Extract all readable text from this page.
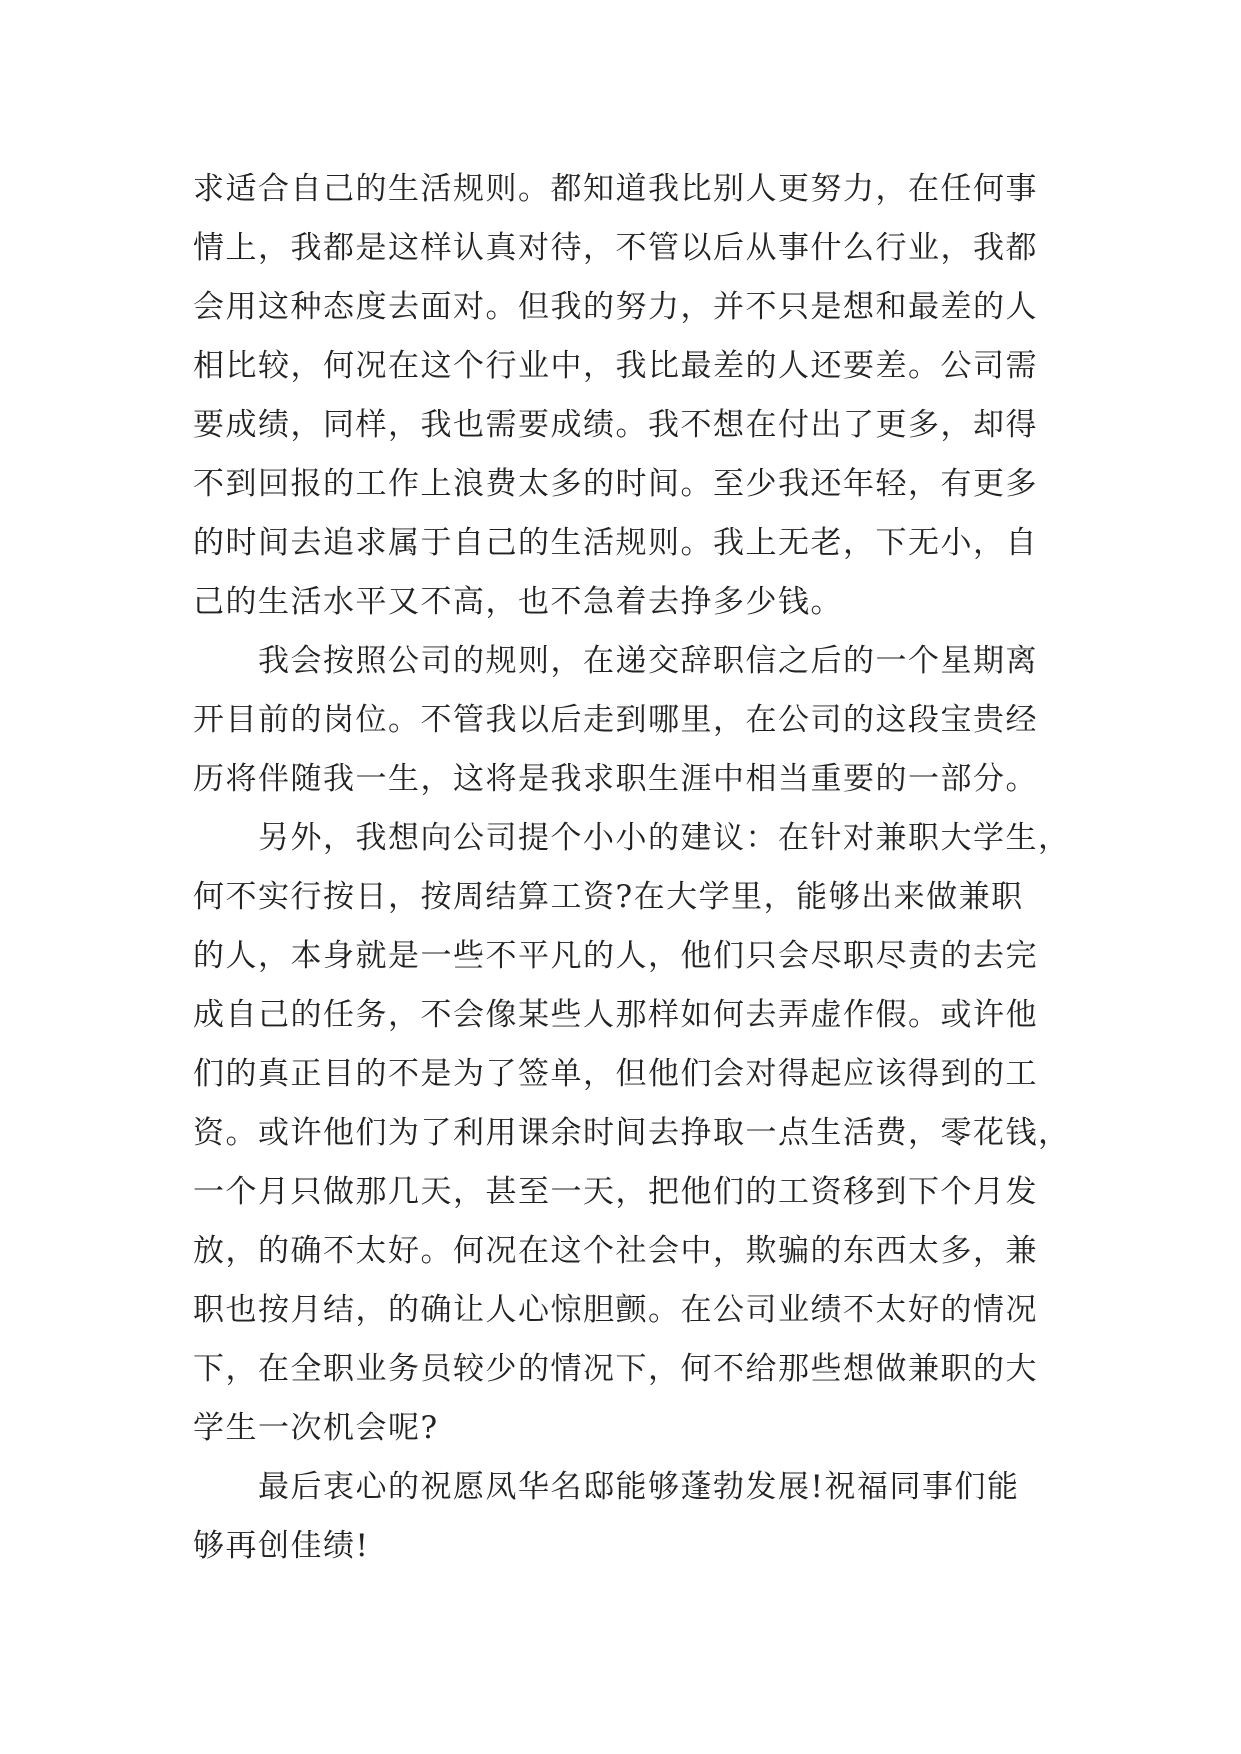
求适合自己的生活规则。都知道我比别人更努力，在任何事
情上，我都是这样认真对待，不管以后从事什么行业，我都
会用这种态度去面对。但我的努力，并不只是想和最差的人
相比较，何况在这个行业中，我比最差的人还要差。公司需
要成绩，同样，我也需要成绩。我不想在付出了更多，却得
不到回报的工作上浪费太多的时间。至少我还年轻，有更多
的时间去追求属于自己的生活规则。我上无老，下无小，自
己的生活水平又不高，也不急着去挣多少钱。
　　我会按照公司的规则，在递交辞职信之后的一个星期离
开目前的岗位。不管我以后走到哪里，在公司的这段宝贵经
历将伴随我一生，这将是我求职生涯中相当重要的一部分。
　　另外，我想向公司提个小小的建议：在针对兼职大学生，
何不实行按日，按周结算工资?在大学里，能够出来做兼职
的人，本身就是一些不平凡的人，他们只会尽职尽责的去完
成自己的任务，不会像某些人那样如何去弄虚作假。或许他
们的真正目的不是为了签单，但他们会对得起应该得到的工
资。或许他们为了利用课余时间去挣取一点生活费，零花钱，
一个月只做那几天，甚至一天，把他们的工资移到下个月发
放，的确不太好。何况在这个社会中，欺骗的东西太多，兼
职也按月结，的确让人心惊胆颤。在公司业绩不太好的情况
下，在全职业务员较少的情况下，何不给那些想做兼职的大
学生一次机会呢?
　　最后衷心的祝愿凤华名邸能够蓬勃发展!祝福同事们能
够再创佳绩!
